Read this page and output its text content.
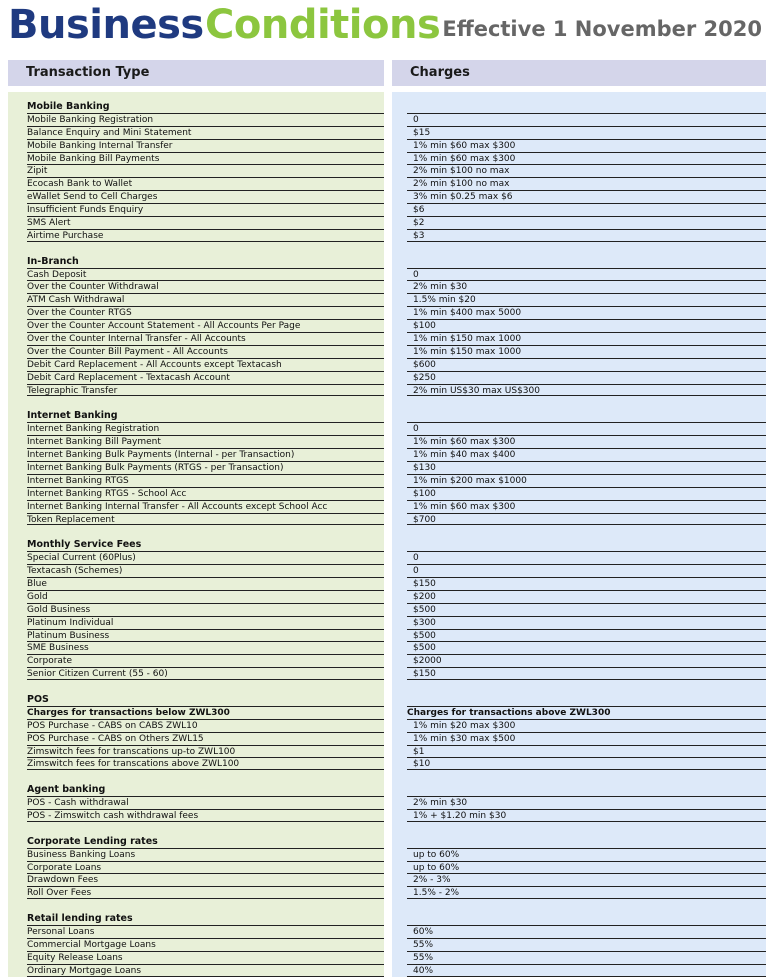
Business Conditions Effective 1 November 2020
Transaction Type	Charges
Mobile Banking
Mobile Banking Registration	0
Balance Enquiry and Mini Statement	$15
Mobile Banking Internal Transfer	1% min $60 max $300
Mobile Banking Bill Payments	1% min $60 max $300
Zipit	2% min $100 no max
Ecocash Bank to Wallet	2% min $100 no max
eWallet Send to Cell Charges	3% min $0.25 max $6
Insufficient Funds Enquiry	$6
SMS Alert	$2
Airtime Purchase	$3
In-Branch
Cash Deposit	0
Over the Counter Withdrawal	2% min $30
ATM Cash Withdrawal	1.5% min $20
Over the Counter RTGS	1% min $400 max 5000
Over the Counter Account Statement - All Accounts Per Page	$100
Over the Counter Internal Transfer - All Accounts	1% min $150 max 1000
Over the Counter Bill Payment - All Accounts	1% min $150 max 1000
Debit Card Replacement - All Accounts except Textacash	$600
Debit Card Replacement - Textacash Account	$250
Telegraphic Transfer	2% min US$30 max US$300
Internet Banking
Internet Banking Registration	0
Internet Banking Bill Payment	1% min $60 max $300
Internet Banking Bulk Payments (Internal - per Transaction)	1% min $40 max $400
Internet Banking Bulk Payments (RTGS - per Transaction)	$130
Internet Banking RTGS	1% min $200 max $1000
Internet Banking RTGS - School Acc	$100
Internet Banking Internal Transfer - All Accounts except School Acc	1% min $60 max $300
Token Replacement	$700
Monthly Service Fees
Special Current (60Plus)	0
Textacash (Schemes)	0
Blue	$150
Gold	$200
Gold Business	$500
Platinum Individual	$300
Platinum Business	$500
SME Business	$500
Corporate	$2000
Senior Citizen Current (55 - 60)	$150
POS
Charges for transactions below ZWL300	Charges for transactions above ZWL300
POS Purchase - CABS on CABS ZWL10	1% min $20 max $300
POS Purchase - CABS on Others ZWL15	1% min $30 max $500
Zimswitch fees for transcations up-to ZWL100	$1
Zimswitch fees for transcations above ZWL100	$10
Agent banking
POS - Cash withdrawal	2% min $30
POS - Zimswitch cash withdrawal fees	1% + $1.20 min $30
Corporate Lending rates
Business Banking Loans	up to 60%
Corporate Loans	up to 60%
Drawdown Fees	2% - 3%
Roll Over Fees	1.5% - 2%
Retail lending rates
Personal Loans	60%
Commercial Mortgage Loans	55%
Equity Release Loans	55%
Ordinary Mortgage Loans	40%
